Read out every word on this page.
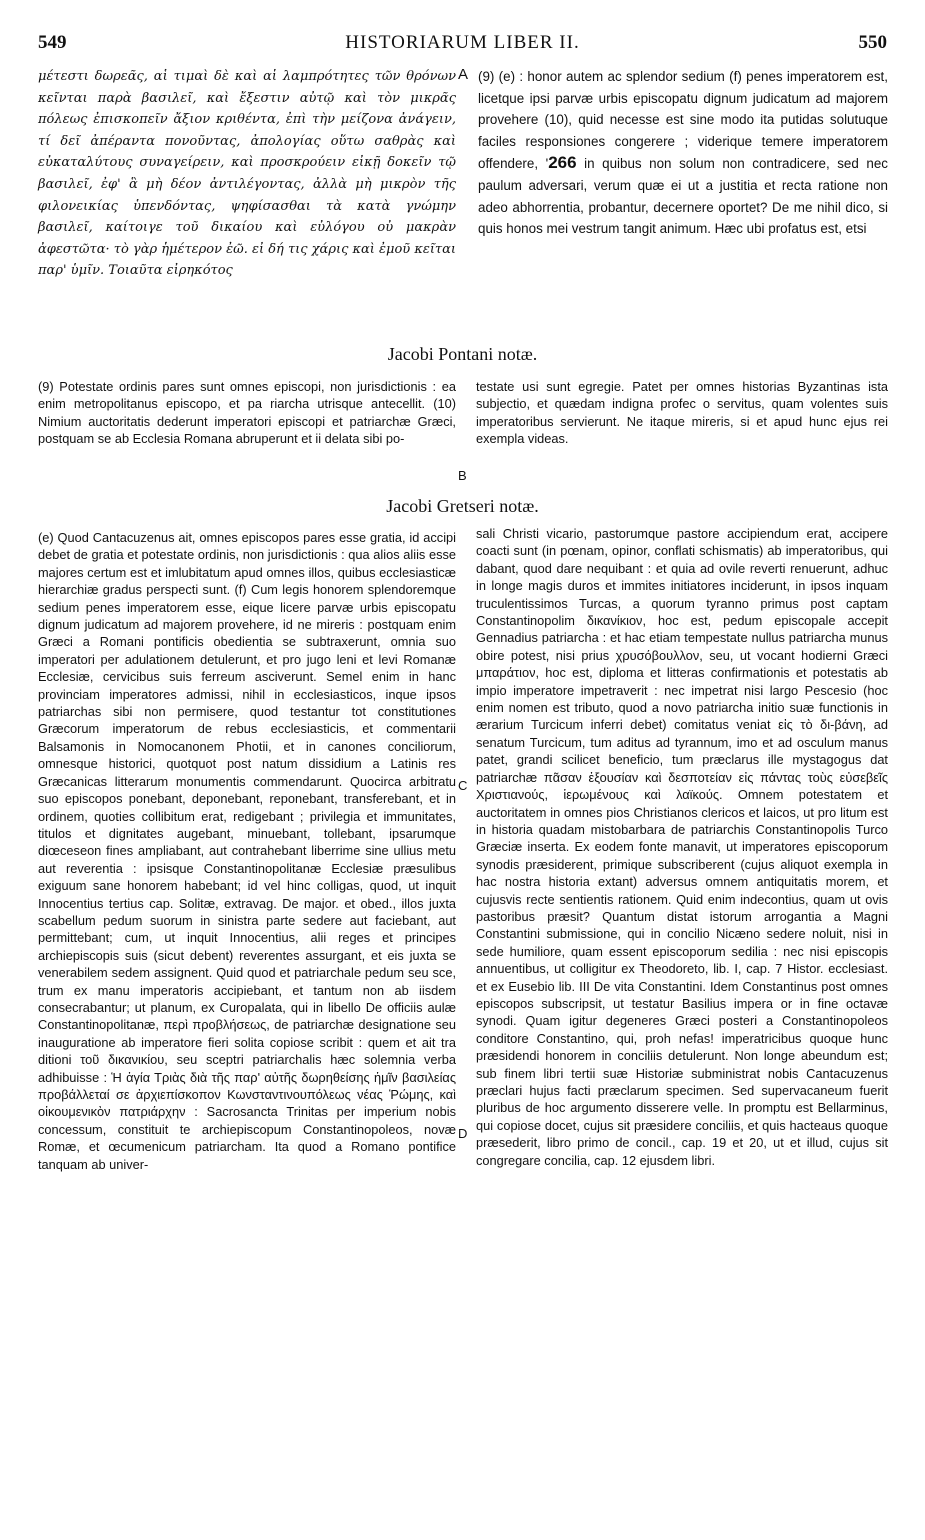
549	HISTORIARUM LIBER II.	550

μέτεστι δωρεᾶς, αἱ τιμαὶ δὲ καὶ αἱ λαμπρότητες τῶν θρόνων κεῖνται παρὰ βασιλεῖ, καὶ ἔξεστιν αὐτῷ καὶ τὸν μικρᾶς πόλεως ἐπισκοπεῖν ἄξιον κριθέντα, ἐπὶ τὴν μείζονα ἀνάγειν, τί δεῖ ἀπέραντα πονοῦντας, ἀπολογίας οὕτω σαθρὰς καὶ εὐκαταλύτους συναγείρειν, καὶ προσκρούειν εἰκῇ δοκεῖν τῷ βασιλεῖ, ἐφ' ἃ μὴ δέον ἀντιλέγοντας, ἀλλὰ μὴ μικρὸν τῆς φιλονεικίας ὑπενδόντας, ψηφίσασθαι τὰ κατὰ γνώμην βασιλεῖ, καίτοιγε τοῦ δικαίου καὶ εὐλόγου οὐ μακρὰν ἀφεστῶτα· τὸ γὰρ ἡμέτερον ἐῶ. εἰ δή τις χάρις καὶ ἐμοῦ κεῖται παρ' ὑμῖν. Τοιαῦτα εἰρηκότος

A (9) (e) : honor autem ac splendor sedium (f) penes imperatorem est, licetque ipsi parvæ urbis episcopatu dignum judicatum ad majorem provehere (10), quid necesse est sine modo ita putidas solutuque faciles responsiones congerere ; viderique temere imperatorem offendere, '266 in quibus non solum non contradicere, sed nec paulum adversari, verum quæ ei ut a justitia et recta ratione non adeo abhorrentia, probantur, decernere oportet? De me nihil dico, si quis honos mei vestrum tangit animum. Hæc ubi profatus est, etsi

Jacobi Pontani notæ.

(9) Potestate ordinis pares sunt omnes episcopi, non jurisdictionis : ea enim metropolitanus episcopo, et pa riarcha utrisque antecellit. (10) Nimium auctoritatis dederunt imperatori episcopi et patriarchæ Græci, postquam se ab Ecclesia Romana abruperunt et ii delata sibi po-

B

testate usi sunt egregie. Patet per omnes historias Byzantinas ista subjectio, et quædam indigna profec o servitus, quam volentes suis imperatoribus servierunt. Ne itaque mireris, si et apud hunc ejus rei exempla videas.

Jacobi Gretseri notæ.

(e) Quod Cantacuzenus ait, omnes episcopos pares esse gratia, id accipi debet de gratia et potestate ordinis, non jurisdictionis : qua alios aliis esse majores certum est et imlubitatum apud omnes illos, quibus ecclesiasticæ hierarchiæ gradus perspecti sunt. (f) Cum legis honorem splendoremque sedium penes imperatorem esse, eique licere parvæ urbis episcopatu dignum judicatum ad majorem provehere, id ne mireris : postquam enim Græci a Romani pontificis obedientia se subtraxerunt, omnia suo imperatori per adulationem detulerunt, et pro jugo leni et levi Romanæ Ecclesiæ, cervicibus suis ferreum asciverunt. Semel enim in hanc provinciam imperatores admissi, nihil in ecclesiasticos, inque ipsos patriarchas sibi non permisere, quod testantur tot constitutiones Græcorum imperatorum de rebus ecclesiasticis, et commentarii Balsamonis in Nomocanonem Photii, et in canones conciliorum, omnesque historici, quotquot post natum dissidium a Latinis res Græcanicas litterarum monumentis commendarunt. Quocirca arbitratu suo episcopos ponebant, deponebant, reponebant, transferebant, et in ordinem, quoties collibitum erat, redigebant ; privilegia et immunitates, titulos et dignitates augebant, minuebant, tollebant, ipsarumque diœceseon fines ampliabant, aut contrahebant liberrime sine ullius metu aut reverentia : ipsisque Constantinopolitanæ Ecclesiæ præsulibus exiguum sane honorem habebant; id vel hinc colligas, quod, ut inquit Innocentius tertius cap. Solitæ, extravag. De major. et obed., illos juxta scabellum pedum suorum in sinistra parte sedere aut faciebant, aut permittebant; cum, ut inquit Innocentius, alii reges et principes archiepiscopis suis (sicut debent) reverentes assurgant, et eis juxta se venerabilem sedem assignent. Quid quod et patriarchale pedum seu sce, trum ex manu imperatoris accipiebant, et tantum non ab iisdem consecrabantur; ut planum, ex Curopalata, qui in libello De officiis aulæ Constantinopolitanæ, περὶ προβλήσεως, de patriarchæ designatione seu inauguratione ab imperatore fieri solita copiose scribit : quem et ait tra ditioni τοῦ δικανικίου, seu sceptri patriarchalis hæc solemnia verba adhibuisse : Ἡ ἁγία Τριὰς διὰ τῆς παρ' αὐτῆς δωρηθείσης ἡμῖν βασιλείας προβάλλεταί σε ἀρχιεπίσκοπον Κωνσταντινουπόλεως νέας Ῥώμης, καὶ οἰκουμενικὸν πατριάρχην : Sacrosancta Trinitas per imperium nobis concessum, constituit te archiepiscopum Constantinopoleos, novæ Romæ, et œcumenicum patriarcham. Ita quod a Romano pontifice tanquam ab univer-

C
D

sali Christi vicario, pastorumque pastore accipiendum erat, accipere coacti sunt (in pœnam, opinor, conflati schismatis) ab imperatoribus, qui dabant, quod dare nequibant : et quia ad ovile reverti renuerunt, adhuc in longe magis duros et immites initiatores inciderunt, in ipsos inquam truculentissimos Turcas, a quorum tyranno primus post captam Constantinopolim δικανίκιον, hoc est, pedum episcopale accepit Gennadius patriarcha : et hac etiam tempestate nullus patriarcha munus obire potest, nisi prius χρυσόβουλλον, seu, ut vocant hodierni Græci μπαράτιον, hoc est, diploma et litteras confirmationis et potestatis ab impio imperatore impetraverit : nec impetrat nisi largo Pescesio (hoc enim nomen est tributo, quod a novo patriarcha initio suæ functionis in ærarium Turcicum inferri debet) comitatus veniat εἰς τὸ δι-βάνη, ad senatum Turcicum, tum aditus ad tyrannum, imo et ad osculum manus patet, grandi scilicet beneficio, tum præclarus ille mystagogus dat patriarchæ πᾶσαν ἐξουσίαν καὶ δεσποτείαν εἰς πάντας τοὺς εὐσεβεῖς Χριστιανούς, ἱερωμένους καὶ λαϊκούς. Omnem potestatem et auctoritatem in omnes pios Christianos clericos et laicos, ut pro litum est in historia quadam mistobarbara de patriarchis Constantinopolis Turco Græciæ inserta. Ex eodem fonte manavit, ut imperatores episcoporum synodis præsiderent, primique subscriberent (cujus aliquot exempla in hac nostra historia extant) adversus omnem antiquitatis morem, et cujusvis recte sentientis rationem. Quid enim indecontius, quam ut ovis pastoribus præsit? Quantum distat istorum arrogantia a Magni Constantini submissione, qui in concilio Nicæno sedere noluit, nisi in sede humiliore, quam essent episcoporum sedilia : nec nisi episcopis annuentibus, ut colligitur ex Theodoreto, lib. I, cap. 7 Histor. ecclesiast. et ex Eusebio lib. III De vita Constantini. Idem Constantinus post omnes episcopos subscripsit, ut testatur Basilius impera or in fine octavæ synodi. Quam igitur degeneres Græci posteri a Constantinopoleos conditore Constantino, qui, proh nefas! imperatricibus quoque hunc præsidendi honorem in conciliis detulerunt. Non longe abeundum est; sub finem libri tertii suæ Historiæ subministrat nobis Cantacuzenus præclari hujus facti præclarum specimen. Sed supervacaneum fuerit pluribus de hoc argumento disserere velle. In promptu est Bellarminus, qui copiose docet, cujus sit præsidere conciliis, et quis hacteaus quoque præsederit, libro primo de concil., cap. 19 et 20, ut et illud, cujus sit congregare concilia, cap. 12 ejusdem libri.
